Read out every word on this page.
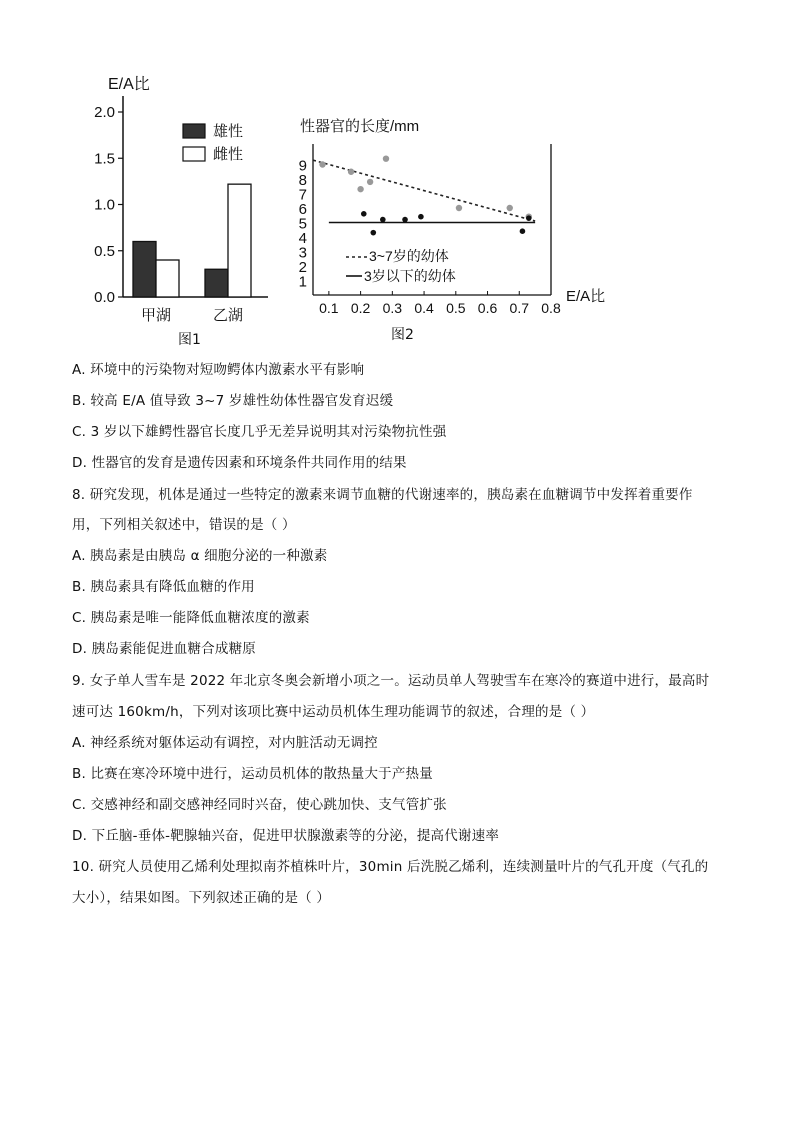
E/A比
0.0
0.5
1.0
1.5
2.0
甲湖	乙湖
雄性
雌性
图1
性器官的长度/mm
1
2
3
4
5
6
7
8
9
0.1 0.2 0.3 0.4 0.5 0.6 0.7 0.8
E/A比
3~7岁的幼体
3岁以下的幼体
图2
A. 环境中的污染物对短吻鳄体内激素水平有影响
B. 较高 E/A 值导致 3~7 岁雄性幼体性器官发育迟缓
C. 3 岁以下雄鳄性器官长度几乎无差异说明其对污染物抗性强
D. 性器官的发育是遗传因素和环境条件共同作用的结果
8. 研究发现，机体是通过一些特定的激素来调节血糖的代谢速率的，胰岛素在血糖调节中发挥着重要作
用，下列相关叙述中，错误的是（ ）
A. 胰岛素是由胰岛 α 细胞分泌的一种激素
B. 胰岛素具有降低血糖的作用
C. 胰岛素是唯一能降低血糖浓度的激素
D. 胰岛素能促进血糖合成糖原
9. 女子单人雪车是 2022 年北京冬奥会新增小项之一。运动员单人驾驶雪车在寒冷的赛道中进行，最高时
速可达 160km/h，下列对该项比赛中运动员机体生理功能调节的叙述，合理的是（ ）
A. 神经系统对躯体运动有调控，对内脏活动无调控
B. 比赛在寒冷环境中进行，运动员机体的散热量大于产热量
C. 交感神经和副交感神经同时兴奋，使心跳加快、支气管扩张
D. 下丘脑-垂体-靶腺轴兴奋，促进甲状腺激素等的分泌，提高代谢速率
10. 研究人员使用乙烯利处理拟南芥植株叶片，30min 后洗脱乙烯利，连续测量叶片的气孔开度（气孔的
大小），结果如图。下列叙述正确的是（ ）
